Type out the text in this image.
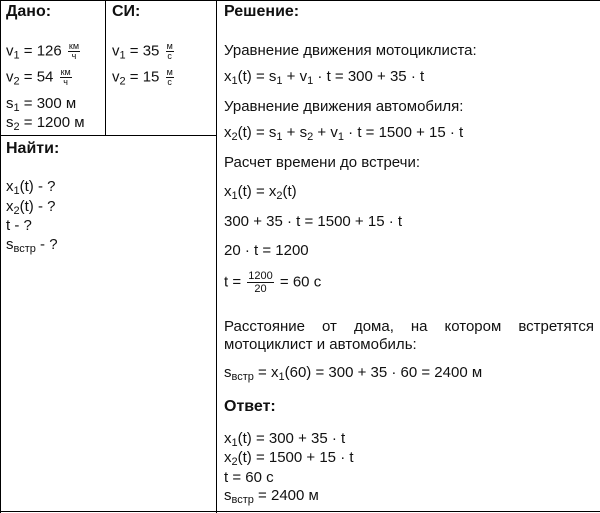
Дано:	СИ:	Решение:
Найти:
$v_1 = 126 \frac{км}{ч}$
$v_2 = 54 \frac{км}{ч}$
$s_1 = 300$ м
$s_2 = 1200$ м
$v_1 = 35 \frac{м}{с}$
$v_2 = 15 \frac{м}{с}$
$x_1(t)$ - ?
$x_2(t)$ - ?
t - ?
$s_{встр}$ - ?
Уравнение движения мотоциклиста:
$x_1(t) = s_1 + v_1 \cdot t = 300 + 35 \cdot t$
Уравнение движения автомобиля:
$x_2(t) = s_1 + s_2 + v_1 \cdot t = 1500 + 15 \cdot t$
Расчет времени до встречи:
$x_1(t) = x_2(t)$
300 + 35 · t = 1500 + 15 · t
20 · t = 1200
$t = \frac{1200}{20} = 60$ с
Расстояние от дома, на котором встретятся
мотоциклист и автомобиль:
$s_{встр} = x_1(60) = 300 + 35 \cdot 60 = 2400$ м
Ответ:
$x_1(t) = 300 + 35 \cdot t$
$x_2(t) = 1500 + 15 \cdot t$
t = 60 с
$s_{встр} = 2400$ м
